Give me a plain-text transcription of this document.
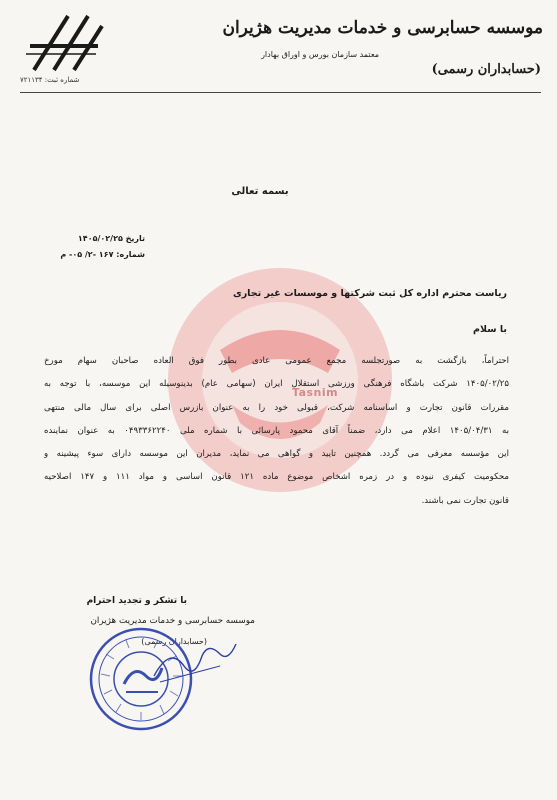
شماره ثبت: ۷۲۱۱۳۴
موسسه حسابرسی و خدمات مدیریت هژیران
معتمد سازمان بورس و اوراق بهادار
(حسابداران رسمی)
Tasnim
بسمه تعالی
تاریخ ۱۴۰۵/۰۲/۲۵
شماره: ۱۶۷ -۲/ ۰۵- م
ریاست محترم اداره کل ثبت شرکتها و موسسات غیر تجاری
با سلام
احتراماً، بازگشت به صورتجلسه مجمع عمومی عادی بطور فوق العاده صاحبان سهام مورخ
۱۴۰۵/۰۲/۲۵ شرکت باشگاه فرهنگی ورزشی استقلال ایران (سهامی عام) بدینوسیله این موسسه، با توجه به
مقررات قانون تجارت و اساسنامه شرکت، قبولی خود را به عنوان بازرس اصلی برای سال مالی منتهی
به ۱۴۰۵/۰۴/۳۱ اعلام می دارد، ضمناً آقای محمود پارسائی با شماره ملی ۰۴۹۳۳۶۲۲۴۰ به عنوان نماینده
این مؤسسه معرفی می گردد. همچنین تایید و گواهی می نماید، مدیران این موسسه دارای سوء پیشینه و
محکومیت کیفری نبوده و در زمره اشخاص موضوع ماده ۱۲۱ قانون اساسی و مواد ۱۱۱ و ۱۴۷ اصلاحیه
قانون تجارت نمی باشند.
با تشکر و تجدید احترام
موسسه حسابرسی و خدمات مدیریت هژیران
(حسابداران رسمی)
